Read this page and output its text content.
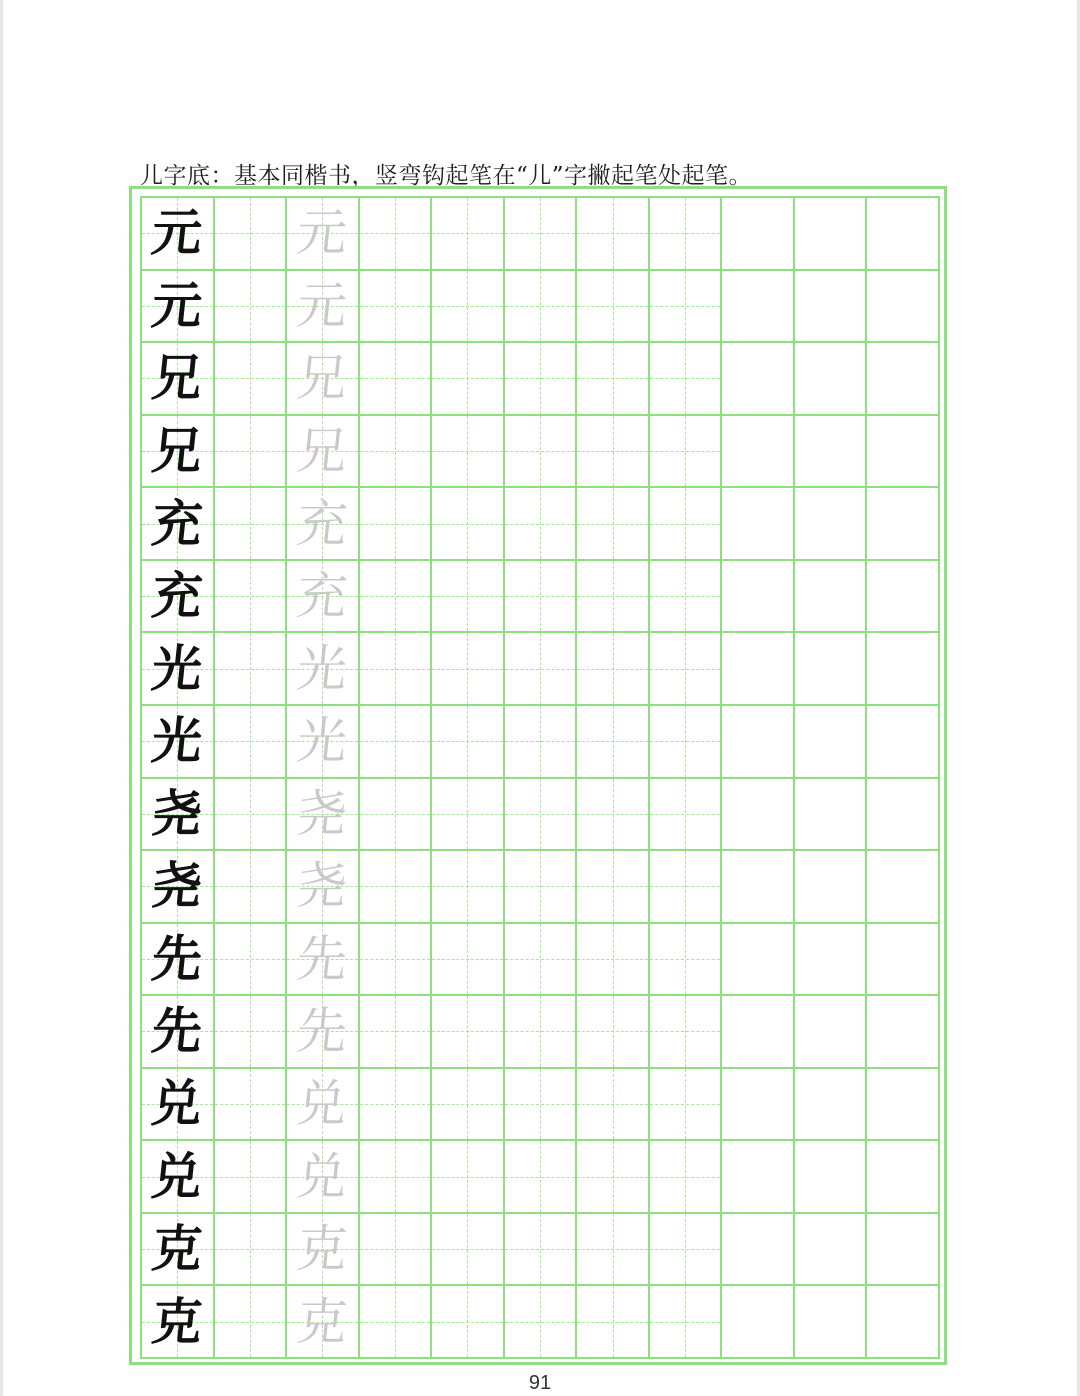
儿字底：基本同楷书，竖弯钩起笔在“儿”字撇起笔处起笔。
元 元
元 元
兄 兄
兄 兄
充 充
充 充
光 光
光 光
尧 尧
尧 尧
先 先
先 先
兑 兑
兑 兑
克 克
克 克
91
